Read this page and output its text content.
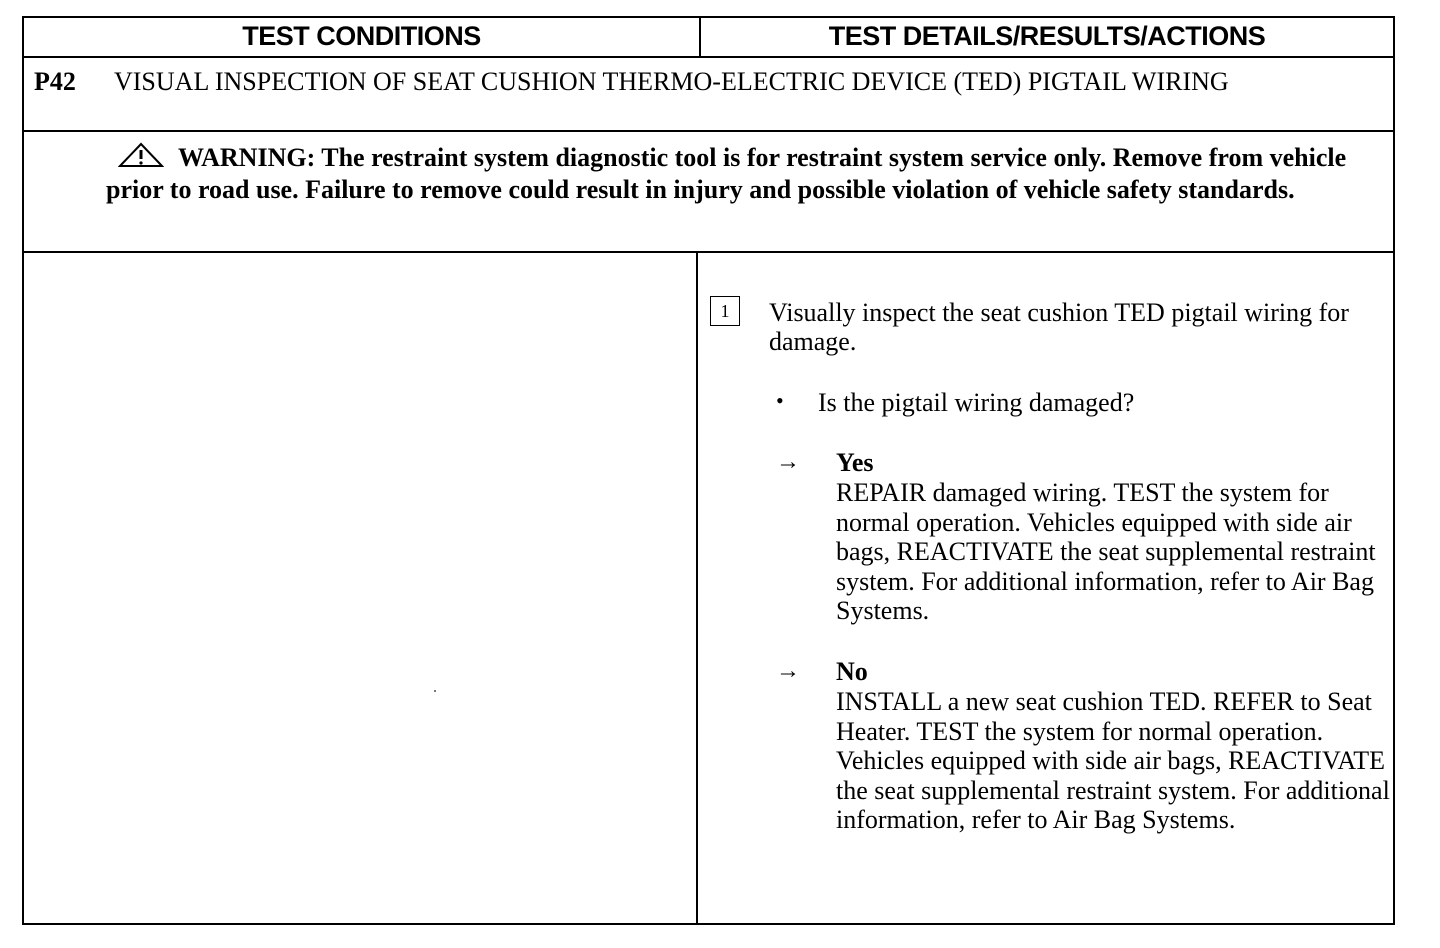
TEST CONDITIONS	TEST DETAILS/RESULTS/ACTIONS
P42 VISUAL INSPECTION OF SEAT CUSHION THERMO-ELECTRIC DEVICE (TED) PIGTAIL WIRING
WARNING: The restraint system diagnostic tool is for restraint system service only. Remove from vehicle prior to road use. Failure to remove could result in injury and possible violation of vehicle safety standards.
1	Visually inspect the seat cushion TED pigtail wiring for damage.
• Is the pigtail wiring damaged?
→ Yes
REPAIR damaged wiring. TEST the system for normal operation. Vehicles equipped with side air bags, REACTIVATE the seat supplemental restraint system. For additional information, refer to Air Bag Systems.
→ No
INSTALL a new seat cushion TED. REFER to Seat Heater. TEST the system for normal operation. Vehicles equipped with side air bags, REACTIVATE the seat supplemental restraint system. For additional information, refer to Air Bag Systems.
